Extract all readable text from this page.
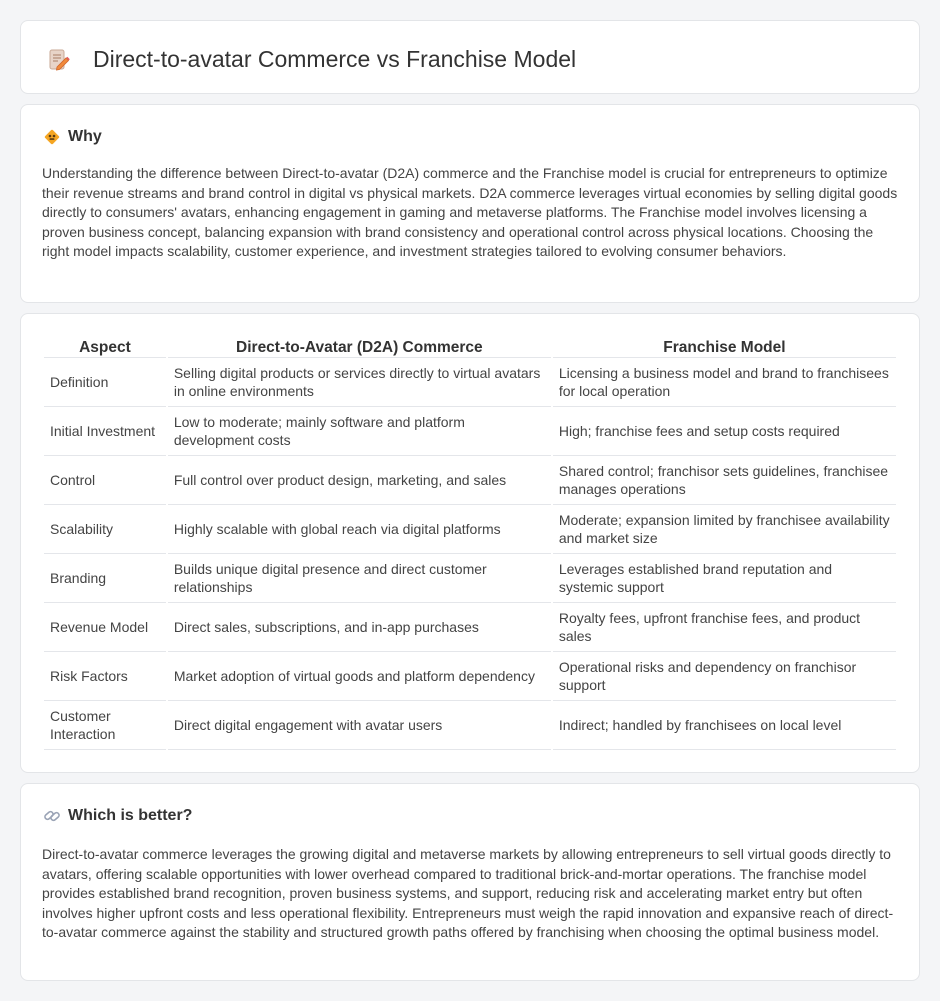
Direct-to-avatar Commerce vs Franchise Model
Why

Understanding the difference between Direct-to-avatar (D2A) commerce and the Franchise model is crucial for entrepreneurs to optimize their revenue streams and brand control in digital vs physical markets. D2A commerce leverages virtual economies by selling digital goods directly to consumers' avatars, enhancing engagement in gaming and metaverse platforms. The Franchise model involves licensing a proven business concept, balancing expansion with brand consistency and operational control across physical locations. Choosing the right model impacts scalability, customer experience, and investment strategies tailored to evolving consumer behaviors.

Aspect	Direct-to-Avatar (D2A) Commerce	Franchise Model
Definition	Selling digital products or services directly to virtual avatars in online environments	Licensing a business model and brand to franchisees for local operation
Initial Investment	Low to moderate; mainly software and platform development costs	High; franchise fees and setup costs required
Control	Full control over product design, marketing, and sales	Shared control; franchisor sets guidelines, franchisee manages operations
Scalability	Highly scalable with global reach via digital platforms	Moderate; expansion limited by franchisee availability and market size
Branding	Builds unique digital presence and direct customer relationships	Leverages established brand reputation and systemic support
Revenue Model	Direct sales, subscriptions, and in-app purchases	Royalty fees, upfront franchise fees, and product sales
Risk Factors	Market adoption of virtual goods and platform dependency	Operational risks and dependency on franchisor support
Customer Interaction	Direct digital engagement with avatar users	Indirect; handled by franchisees on local level
Which is better?

Direct-to-avatar commerce leverages the growing digital and metaverse markets by allowing entrepreneurs to sell virtual goods directly to avatars, offering scalable opportunities with lower overhead compared to traditional brick-and-mortar operations. The franchise model provides established brand recognition, proven business systems, and support, reducing risk and accelerating market entry but often involves higher upfront costs and less operational flexibility. Entrepreneurs must weigh the rapid innovation and expansive reach of direct-to-avatar commerce against the stability and structured growth paths offered by franchising when choosing the optimal business model.
